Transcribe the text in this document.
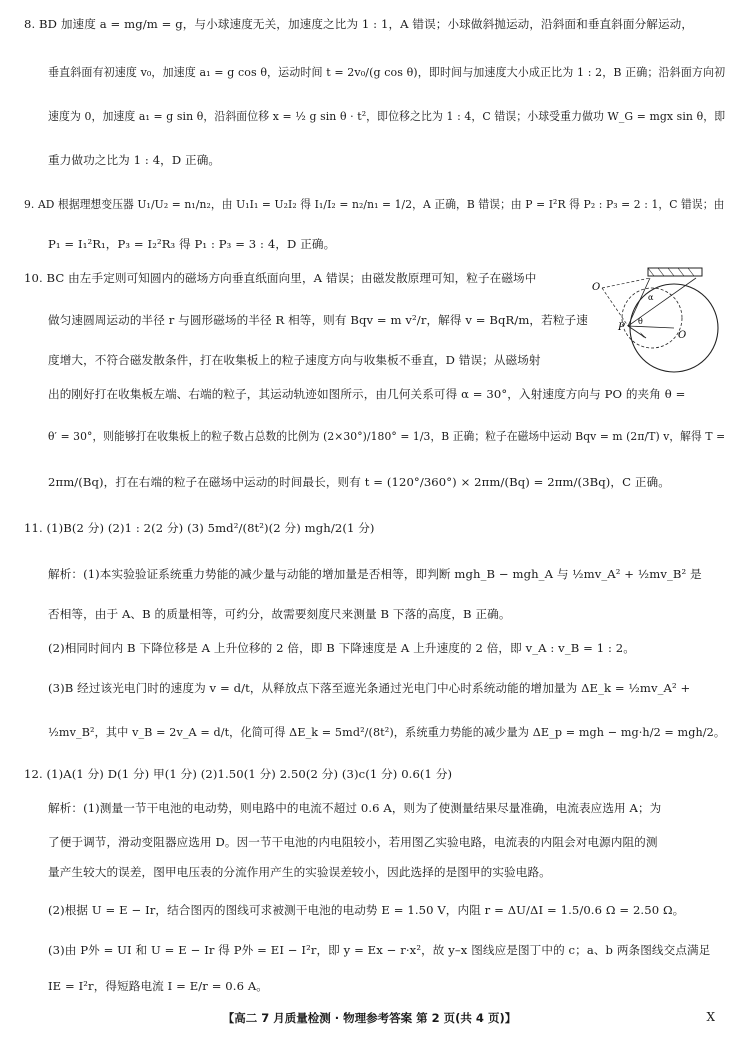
8. BD 加速度 a = mg/m = g，与小球速度无关，加速度之比为 1 : 1，A 错误；小球做斜抛运动，沿斜面和垂直斜面分解运动，
垂直斜面有初速度 v₀，加速度 a₁ = g cos θ，运动时间 t = 2v₀/(g cos θ)，即时间与加速度大小成正比为 1 : 2，B 正确；沿斜面方向初
速度为 0，加速度 a₁ = g sin θ，沿斜面位移 x = ½ g sin θ · t²，即位移之比为 1 : 4，C 错误；小球受重力做功 W_G = mgx sin θ，即
重力做功之比为 1 : 4，D 正确。
9. AD 根据理想变压器 U₁/U₂ = n₁/n₂，由 U₁I₁ = U₂I₂ 得 I₁/I₂ = n₂/n₁ = 1/2，A 正确，B 错误；由 P = I²R 得 P₂ : P₃ = 2 : 1，C 错误；由
P₁ = I₁²R₁，P₃ = I₂²R₃ 得 P₁ : P₃ = 3 : 4，D 正确。
10. BC 由左手定则可知圆内的磁场方向垂直纸面向里，A 错误；由磁发散原理可知，粒子在磁场中
做匀速圆周运动的半径 r 与圆形磁场的半径 R 相等，则有 Bqv = m v²/r，解得 v = BqR/m，若粒子速
度增大，不符合磁发散条件，打在收集板上的粒子速度方向与收集板不垂直，D 错误；从磁场射
出的刚好打在收集板左端、右端的粒子，其运动轨迹如图所示，由几何关系可得 α = 30°，入射速度方向与 PO 的夹角 θ =
θ′ = 30°，则能够打在收集板上的粒子数占总数的比例为 (2×30°)/180° = 1/3，B 正确；粒子在磁场中运动 Bqv = m (2π/T) v，解得 T =
2πm/(Bq)，打在右端的粒子在磁场中运动的时间最长，则有 t = (120°/360°) × 2πm/(Bq) = 2πm/(3Bq)，C 正确。
11. (1)B(2 分) (2)1 : 2(2 分) (3) 5md²/(8t²)(2 分) mgh/2(1 分)
解析：(1)本实验验证系统重力势能的减少量与动能的增加量是否相等，即判断 mgh_B − mgh_A 与 ½mv_A² + ½mv_B² 是
否相等，由于 A、B 的质量相等，可约分，故需要刻度尺来测量 B 下落的高度，B 正确。
(2)相同时间内 B 下降位移是 A 上升位移的 2 倍，即 B 下降速度是 A 上升速度的 2 倍，即 v_A : v_B = 1 : 2。
(3)B 经过该光电门时的速度为 v = d/t，从释放点下落至遮光条通过光电门中心时系统动能的增加量为 ΔE_k = ½mv_A² +
½mv_B²，其中 v_B = 2v_A = d/t，化简可得 ΔE_k = 5md²/(8t²)，系统重力势能的减少量为 ΔE_p = mgh − mg·h/2 = mgh/2。
12. (1)A(1 分) D(1 分) 甲(1 分) (2)1.50(1 分) 2.50(2 分) (3)c(1 分) 0.6(1 分)
解析：(1)测量一节干电池的电动势，则电路中的电流不超过 0.6 A，则为了使测量结果尽量准确，电流表应选用 A；为
了便于调节，滑动变阻器应选用 D。因一节干电池的内电阻较小，若用图乙实验电路，电流表的内阻会对电源内阻的测
量产生较大的误差，图甲电压表的分流作用产生的实验误差较小，因此选择的是图甲的实验电路。
(2)根据 U = E − Ir，结合图丙的图线可求被测干电池的电动势 E = 1.50 V，内阻 r = ΔU/ΔI = 1.5/0.6 Ω = 2.50 Ω。
(3)由 P外 = UI 和 U = E − Ir 得 P外 = EI − I²r，即 y = Ex − r·x²，故 y–x 图线应是图丁中的 c；a、b 两条图线交点满足
IE = I²r，得短路电流 I = E/r = 0.6 A。
O
P
O
α
θ
【高二 7 月质量检测 · 物理参考答案 第 2 页(共 4 页)】	X
